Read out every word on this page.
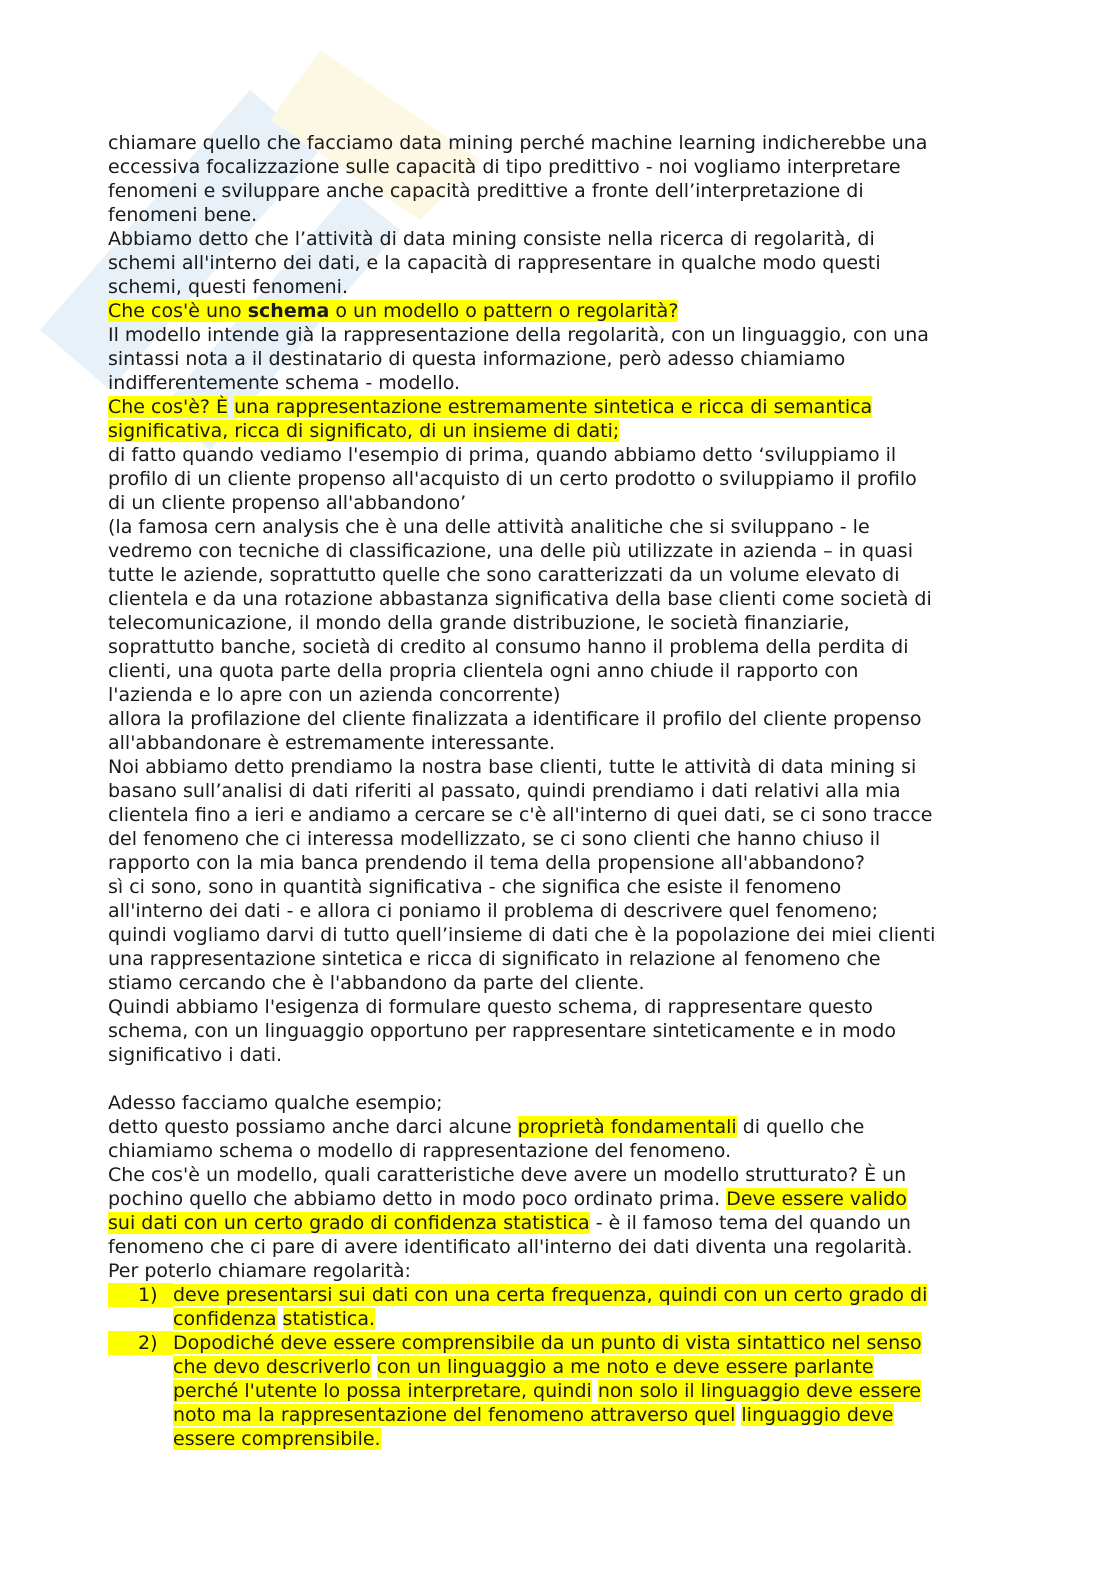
chiamare quello che facciamo data mining perché machine learning indicherebbe una
eccessiva focalizzazione sulle capacità di tipo predittivo - noi vogliamo interpretare
fenomeni e sviluppare anche capacità predittive a fronte dell’interpretazione di
fenomeni bene.
Abbiamo detto che l’attività di data mining consiste nella ricerca di regolarità, di
schemi all'interno dei dati, e la capacità di rappresentare in qualche modo questi
schemi, questi fenomeni.
Che cos'è uno schema o un modello o pattern o regolarità?
Il modello intende già la rappresentazione della regolarità, con un linguaggio, con una
sintassi nota a il destinatario di questa informazione, però adesso chiamiamo
indifferentemente schema - modello.
Che cos'è? È una rappresentazione estremamente sintetica e ricca di semantica
significativa, ricca di significato, di un insieme di dati;
di fatto quando vediamo l'esempio di prima, quando abbiamo detto ‘sviluppiamo il
profilo di un cliente propenso all'acquisto di un certo prodotto o sviluppiamo il profilo
di un cliente propenso all'abbandono’
(la famosa cern analysis che è una delle attività analitiche che si sviluppano - le
vedremo con tecniche di classificazione, una delle più utilizzate in azienda – in quasi
tutte le aziende, soprattutto quelle che sono caratterizzati da un volume elevato di
clientela e da una rotazione abbastanza significativa della base clienti come società di
telecomunicazione, il mondo della grande distribuzione, le società finanziarie,
soprattutto banche, società di credito al consumo hanno il problema della perdita di
clienti, una quota parte della propria clientela ogni anno chiude il rapporto con
l'azienda e lo apre con un azienda concorrente)
allora la profilazione del cliente finalizzata a identificare il profilo del cliente propenso
all'abbandonare è estremamente interessante.
Noi abbiamo detto prendiamo la nostra base clienti, tutte le attività di data mining si
basano sull’analisi di dati riferiti al passato, quindi prendiamo i dati relativi alla mia
clientela fino a ieri e andiamo a cercare se c'è all'interno di quei dati, se ci sono tracce
del fenomeno che ci interessa modellizzato, se ci sono clienti che hanno chiuso il
rapporto con la mia banca prendendo il tema della propensione all'abbandono?
sì ci sono, sono in quantità significativa - che significa che esiste il fenomeno
all'interno dei dati - e allora ci poniamo il problema di descrivere quel fenomeno;
quindi vogliamo darvi di tutto quell’insieme di dati che è la popolazione dei miei clienti
una rappresentazione sintetica e ricca di significato in relazione al fenomeno che
stiamo cercando che è l'abbandono da parte del cliente.
Quindi abbiamo l'esigenza di formulare questo schema, di rappresentare questo
schema, con un linguaggio opportuno per rappresentare sinteticamente e in modo
significativo i dati.
Adesso facciamo qualche esempio;
detto questo possiamo anche darci alcune proprietà fondamentali di quello che
chiamiamo schema o modello di rappresentazione del fenomeno.
Che cos'è un modello, quali caratteristiche deve avere un modello strutturato? È un
pochino quello che abbiamo detto in modo poco ordinato prima. Deve essere valido
sui dati con un certo grado di confidenza statistica - è il famoso tema del quando un
fenomeno che ci pare di avere identificato all'interno dei dati diventa una regolarità.
Per poterlo chiamare regolarità:
1) deve presentarsi sui dati con una certa frequenza, quindi con un certo grado di
confidenza statistica.
2) Dopodiché deve essere comprensibile da un punto di vista sintattico nel senso
che devo descriverlo con un linguaggio a me noto e deve essere parlante
perché l'utente lo possa interpretare, quindi non solo il linguaggio deve essere
noto ma la rappresentazione del fenomeno attraverso quel linguaggio deve
essere comprensibile.
